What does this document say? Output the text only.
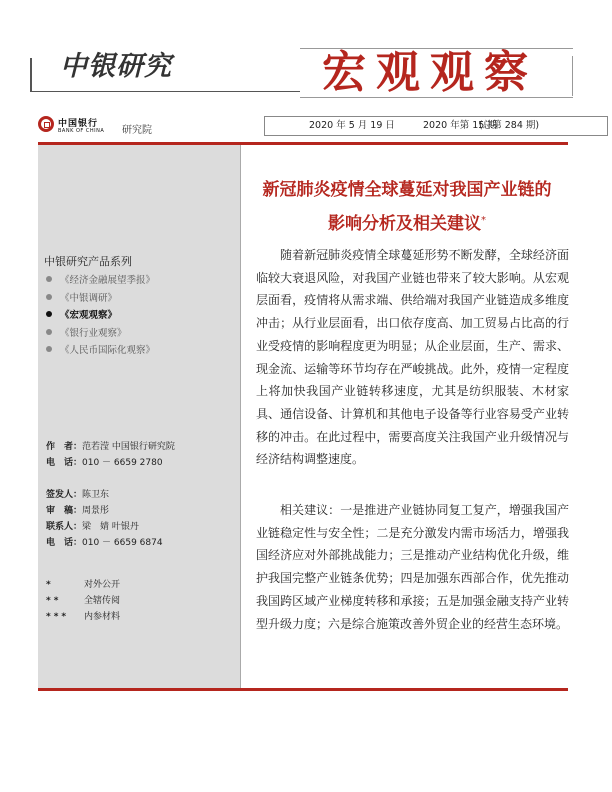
中银研究	宏观观察
中国银行
BANK OF CHINA 研究院	2020 年 5 月 19 日	2020 年第 15 期
(总第 284 期)
中银研究产品系列
《经济金融展望季报》
《中银调研》
《宏观观察》
《银行业观察》
《人民币国际化观察》
作　者：范若滢 中国银行研究院
电　话：010 － 6659 2780
签发人：陈卫东
审　稿：周景彤
联系人：梁　婧 叶银丹
电　话：010 － 6659 6874
*	对外公开
**	全辖传阅
*** 内参材料
新冠肺炎疫情全球蔓延对我国产业链的
影响分析及相关建议*

随着新冠肺炎疫情全球蔓延形势不断发酵，全球经济面临较大衰退风险，对我国产业链也带来了较大影响。从宏观层面看，疫情将从需求端、供给端对我国产业链造成多维度冲击；从行业层面看，出口依存度高、加工贸易占比高的行业受疫情的影响程度更为明显；从企业层面，生产、需求、现金流、运输等环节均存在严峻挑战。此外，疫情一定程度上将加快我国产业链转移速度，尤其是纺织服装、木材家具、通信设备、计算机和其他电子设备等行业容易受产业转移的冲击。在此过程中，需要高度关注我国产业升级情况与经济结构调整速度。

相关建议：一是推进产业链协同复工复产，增强我国产业链稳定性与安全性；二是充分激发内需市场活力，增强我国经济应对外部挑战能力；三是推动产业结构优化升级，维护我国完整产业链条优势；四是加强东西部合作，优先推动我国跨区域产业梯度转移和承接；五是加强金融支持产业转型升级力度；六是综合施策改善外贸企业的经营生态环境。
